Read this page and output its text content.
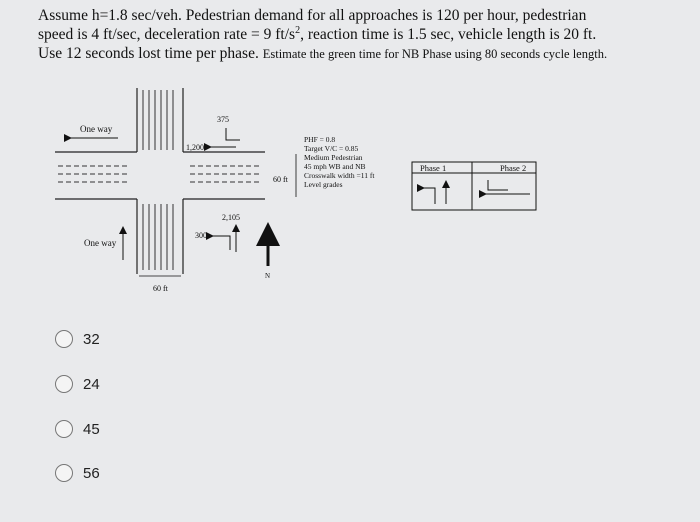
Assume h=1.8 sec/veh. Pedestrian demand for all approaches is 120 per hour, pedestrian
speed is 4 ft/sec, deceleration rate = 9 $ft/s^2$, reaction time is 1.5 sec, vehicle length is 20 ft.
Use 12 seconds lost time per phase. Estimate the green time for NB Phase using 80 seconds cycle length.
One way
One way
375
1,200
2,105
300
N
60 ft
60 ft
PHF = 0.8
Target V/C = 0.85
Medium Pedestrian
45 mph WB and NB
Crosswalk width =11 ft
Level grades
Phase 1	Phase 2
32
24
45
56
